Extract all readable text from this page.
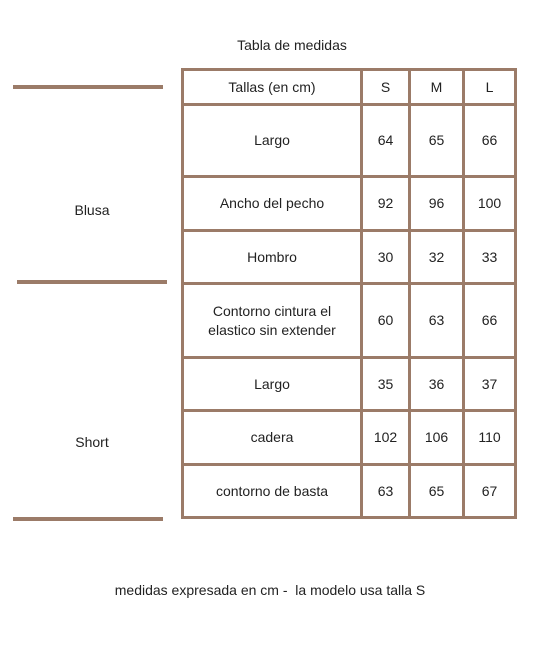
Tabla de medidas
Blusa
Short
Tallas (en cm)	S	M	L
Largo	64	65	66
Ancho del pecho	92	96	100
Hombro	30	32	33
Contorno cintura el elastico sin extender	60	63	66
Largo	35	36	37
cadera	102	106	110
contorno de basta	63	65	67
medidas expresada en cm -  la modelo usa talla S
